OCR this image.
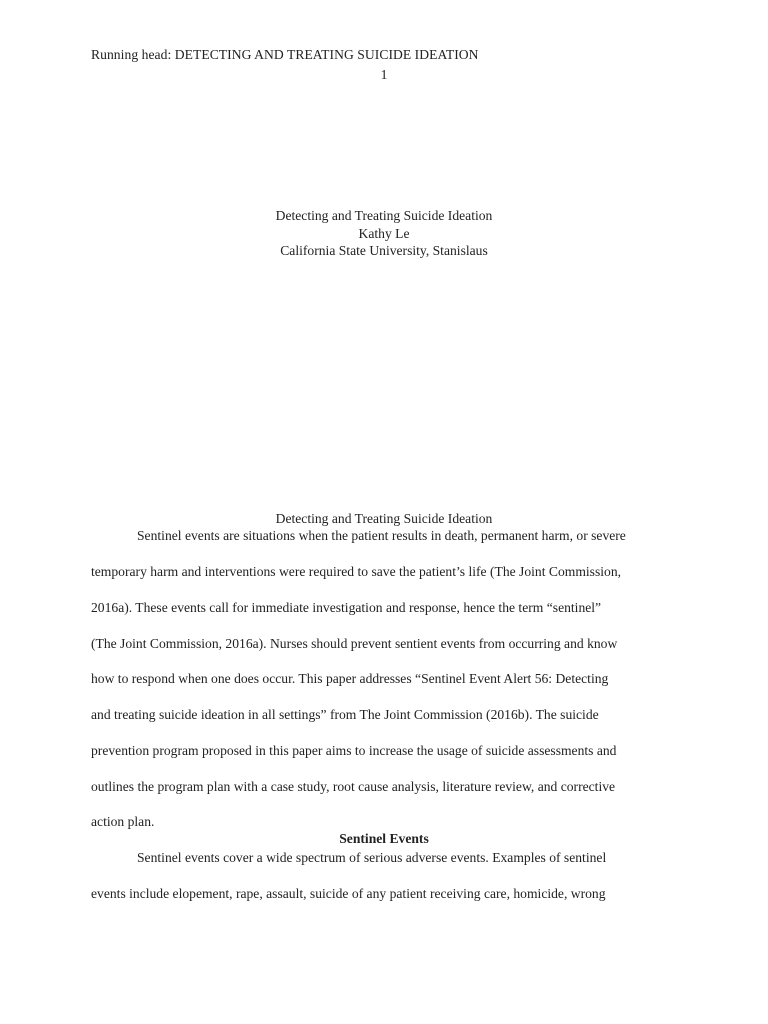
Running head: DETECTING AND TREATING SUICIDE IDEATION
1
Detecting and Treating Suicide Ideation
Kathy Le
California State University, Stanislaus
Detecting and Treating Suicide Ideation
Sentinel events are situations when the patient results in death, permanent harm, or severe
temporary harm and interventions were required to save the patient’s life (The Joint Commission,
2016a). These events call for immediate investigation and response, hence the term “sentinel”
(The Joint Commission, 2016a). Nurses should prevent sentient events from occurring and know
how to respond when one does occur. This paper addresses “Sentinel Event Alert 56: Detecting
and treating suicide ideation in all settings” from The Joint Commission (2016b). The suicide
prevention program proposed in this paper aims to increase the usage of suicide assessments and
outlines the program plan with a case study, root cause analysis, literature review, and corrective
action plan.
Sentinel Events
Sentinel events cover a wide spectrum of serious adverse events. Examples of sentinel
events include elopement, rape, assault, suicide of any patient receiving care, homicide, wrong
